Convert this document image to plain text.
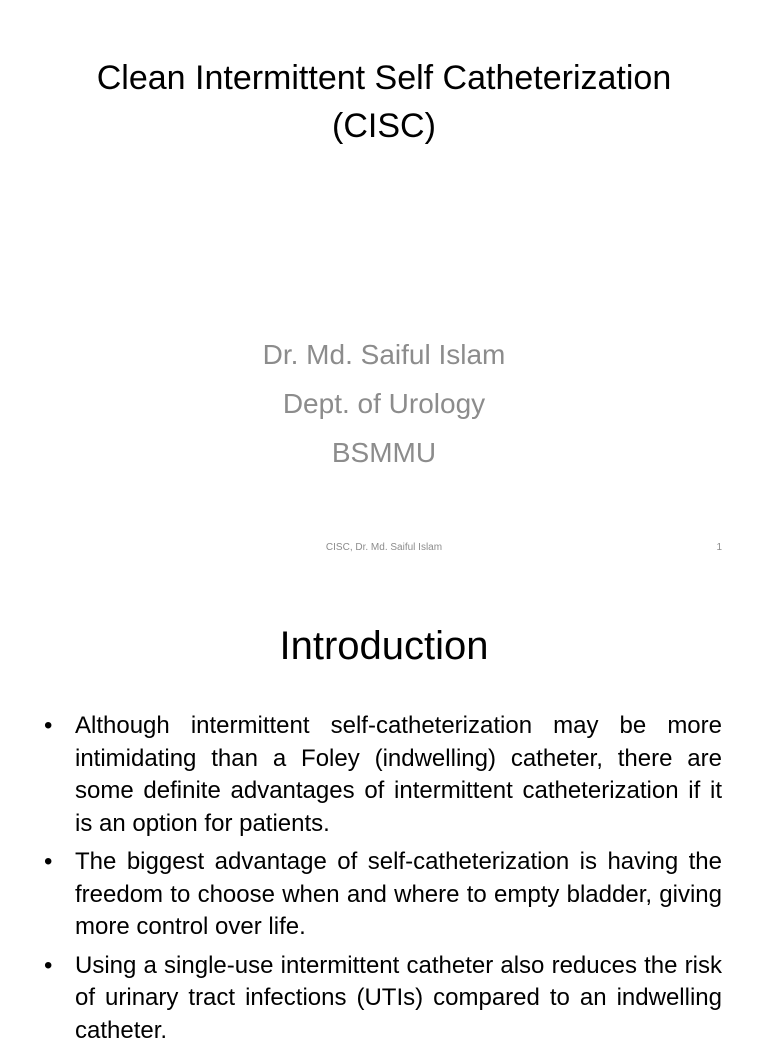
Clean Intermittent Self Catheterization (CISC)
Dr. Md. Saiful Islam
Dept. of Urology
BSMMU
CISC, Dr. Md. Saiful Islam	1
Introduction
• Although intermittent self-catheterization may be more intimidating than a Foley (indwelling) catheter, there are some definite advantages of intermittent catheterization if it is an option for patients.
• The biggest advantage of self-catheterization is having the freedom to choose when and where to empty bladder, giving more control over life.
• Using a single-use intermittent catheter also reduces the risk of urinary tract infections (UTIs) compared to an indwelling catheter.
